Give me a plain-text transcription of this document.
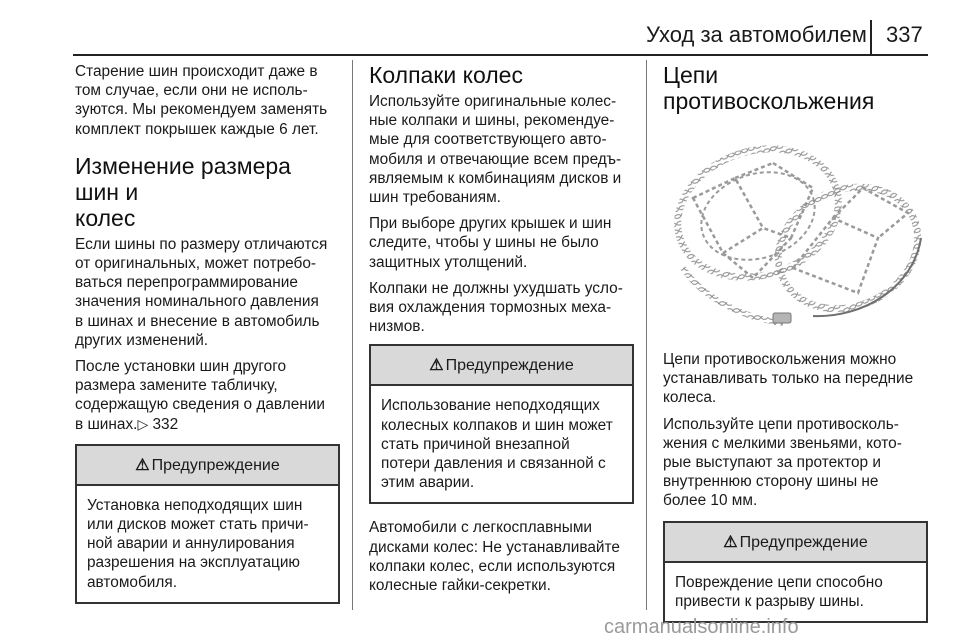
Уход за автомобилем 337

Старение шин происходит даже в
том случае, если они не исполь-
зуются. Мы рекомендуем заменять
комплект покрышек каждые 6 лет.

Изменение размера шин и
колес

Если шины по размеру отличаются
от оригинальных, может потребо-
ваться перепрограммирование
значения номинального давления
в шинах и внесение в автомобиль
других изменений.

После установки шин другого
размера замените табличку,
содержащую сведения о давлении
в шинах.▷ 332

⚠ Предупреждение

Установка неподходящих шин
или дисков может стать причи-
ной аварии и аннулирования
разрешения на эксплуатацию
автомобиля.

Колпаки колес

Используйте оригинальные колес-
ные колпаки и шины, рекомендуе-
мые для соответствующего авто-
мобиля и отвечающие всем предъ-
являемым к комбинациям дисков и
шин требованиям.

При выборе других крышек и шин
следите, чтобы у шины не было
защитных утолщений.

Колпаки не должны ухудшать усло-
вия охлаждения тормозных меха-
низмов.

⚠ Предупреждение

Использование неподходящих
колесных колпаков и шин может
стать причиной внезапной
потери давления и связанной с
этим аварии.

Автомобили с легкосплавными
дисками колес: Не устанавливайте
колпаки колес, если используются
колесные гайки-секретки.

Цепи противоскольжения

Цепи противоскольжения можно
устанавливать только на передние
колеса.

Используйте цепи противосколь-
жения с мелкими звеньями, кото-
рые выступают за протектор и
внутреннюю сторону шины не
более 10 мм.

⚠ Предупреждение

Повреждение цепи способно
привести к разрыву шины.

carmanualsonline.info
